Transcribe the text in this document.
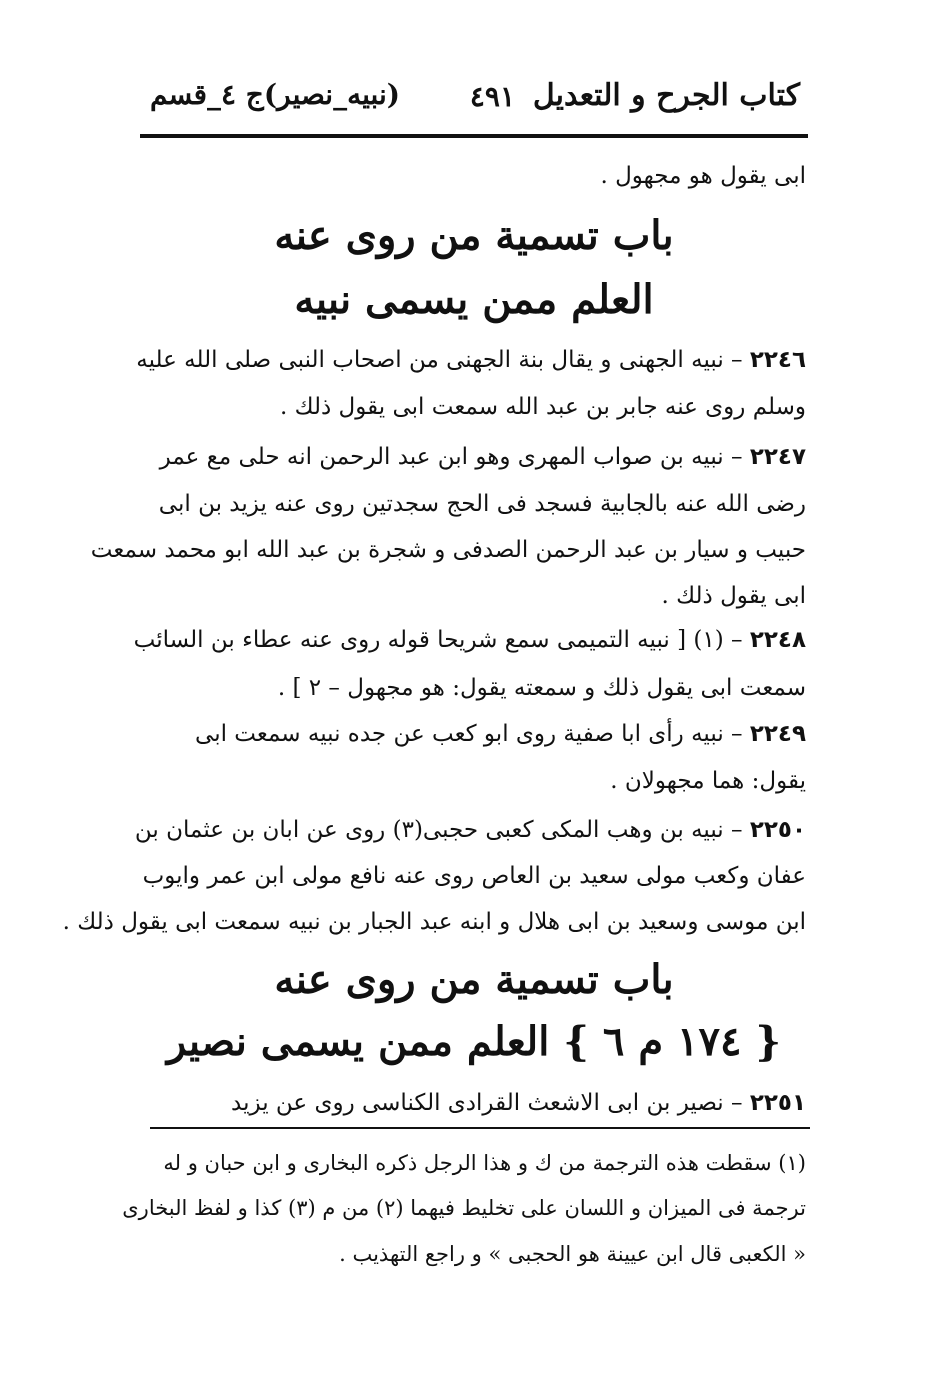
كتاب الجرح و التعديل
٤٩١
(نبيه_نصير)ج ٤_قسم
ابى يقول هو مجهول .
باب تسمية من روى عنه
العلم ممن يسمى نبيه
٢٢٤٦ – نبيه الجهنى و يقال بنة الجهنى من اصحاب النبى صلى الله عليه
وسلم روى عنه جابر بن عبد الله سمعت ابى يقول ذلك .
٢٢٤٧ – نبيه بن صواب المهرى وهو ابن عبد الرحمن انه حلى مع عمر
رضى الله عنه بالجابية فسجد فى الحج سجدتين روى عنه يزيد بن ابى
حبيب و سيار بن عبد الرحمن الصدفى و شجرة بن عبد الله ابو محمد سمعت
ابى يقول ذلك .
٢٢٤٨ – (١) [ نبيه التميمى سمع شريحا قوله روى عنه عطاء بن السائب
سمعت ابى يقول ذلك و سمعته يقول: هو مجهول – ٢ ] .
٢٢٤٩ – نبيه رأى ابا صفية روى ابو كعب عن جده نبيه سمعت ابى
يقول: هما مجهولان .
٢٢٥٠ – نبيه بن وهب المكى كعبى حجبى(٣) روى عن ابان بن عثمان بن
عفان وكعب مولى سعيد بن العاص روى عنه نافع مولى ابن عمر وايوب
ابن موسى وسعيد بن ابى هلال و ابنه عبد الجبار بن نبيه سمعت ابى يقول ذلك .
باب تسمية من روى عنه
{ ١٧٤ م ٦ } العلم ممن يسمى نصير
٢٢٥١ – نصير بن ابى الاشعث القرادى الكناسى روى عن يزيد
(١) سقطت هذه الترجمة من ك و هذا الرجل ذكره البخارى و ابن حبان و له
ترجمة فى الميزان و اللسان على تخليط فيهما (٢) من م (٣) كذا و لفظ البخارى
« الكعبى قال ابن عيينة هو الحجبى » و راجع التهذيب .
